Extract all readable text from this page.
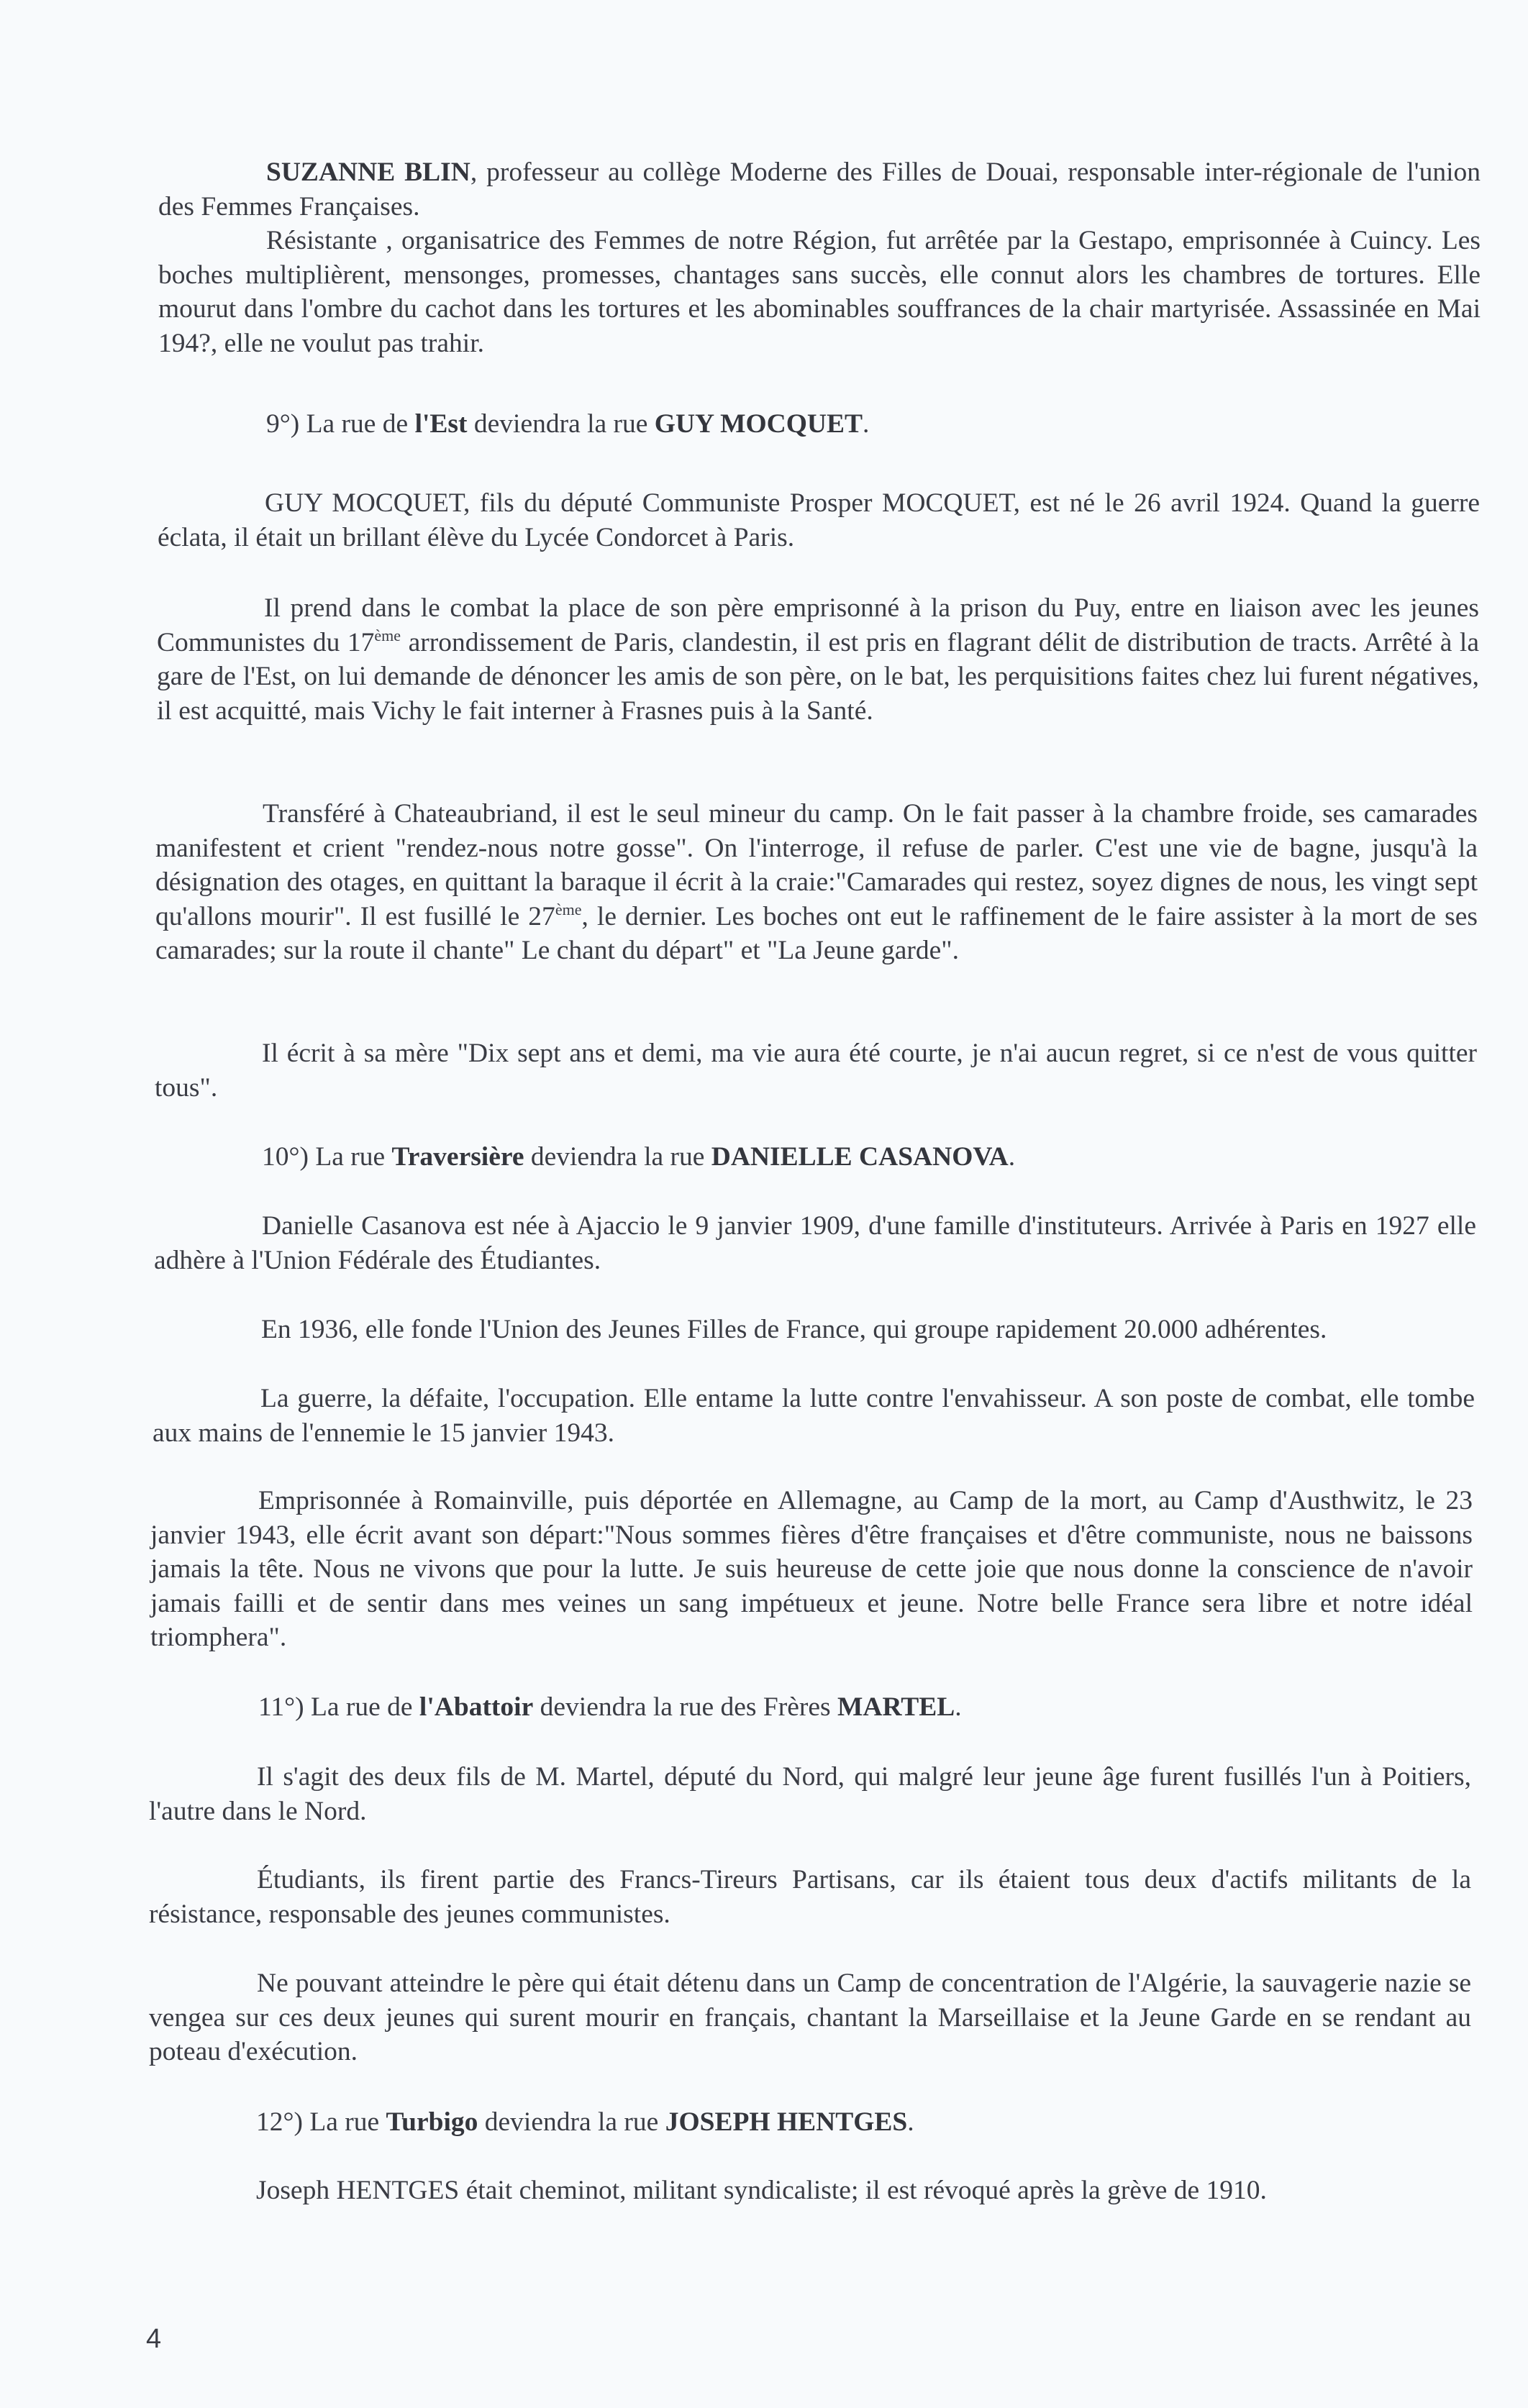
SUZANNE BLIN, professeur au collège Moderne des Filles de Douai, responsable inter-régionale de l'union des Femmes Françaises.

Résistante , organisatrice des Femmes de notre Région, fut arrêtée par la Gestapo, emprisonnée à Cuincy. Les boches multiplièrent, mensonges, promesses, chantages sans succès, elle connut alors les chambres de tortures. Elle mourut dans l'ombre du cachot dans les tortures et les abominables souffrances de la chair martyrisée. Assassinée en Mai 194?, elle ne voulut pas trahir.

9°) La rue de l'Est deviendra la rue GUY MOCQUET.

GUY MOCQUET, fils du député Communiste Prosper MOCQUET, est né le 26 avril 1924. Quand la guerre éclata, il était un brillant élève du Lycée Condorcet à Paris.

Il prend dans le combat la place de son père emprisonné à la prison du Puy, entre en liaison avec les jeunes Communistes du 17ème arrondissement de Paris, clandestin, il est pris en flagrant délit de distribution de tracts. Arrêté à la gare de l'Est, on lui demande de dénoncer les amis de son père, on le bat, les perquisitions faites chez lui furent négatives, il est acquitté, mais Vichy le fait interner à Frasnes puis à la Santé.

Transféré à Chateaubriand, il est le seul mineur du camp. On le fait passer à la chambre froide, ses camarades manifestent et crient "rendez-nous notre gosse". On l'interroge, il refuse de parler. C'est une vie de bagne, jusqu'à la désignation des otages, en quittant la baraque il écrit à la craie:"Camarades qui restez, soyez dignes de nous, les vingt sept qu'allons mourir". Il est fusillé le 27ème, le dernier. Les boches ont eut le raffinement de le faire assister à la mort de ses camarades; sur la route il chante" Le chant du départ" et "La Jeune garde".

Il écrit à sa mère "Dix sept ans et demi, ma vie aura été courte, je n'ai aucun regret, si ce n'est de vous quitter tous".

10°) La rue Traversière deviendra la rue DANIELLE CASANOVA.

Danielle Casanova est née à Ajaccio le 9 janvier 1909, d'une famille d'instituteurs. Arrivée à Paris en 1927 elle adhère à l'Union Fédérale des Étudiantes.

En 1936, elle fonde l'Union des Jeunes Filles de France, qui groupe rapidement 20.000 adhérentes.

La guerre, la défaite, l'occupation. Elle entame la lutte contre l'envahisseur. A son poste de combat, elle tombe aux mains de l'ennemie le 15 janvier 1943.

Emprisonnée à Romainville, puis déportée en Allemagne, au Camp de la mort, au Camp d'Austhwitz, le 23 janvier 1943, elle écrit avant son départ:"Nous sommes fières d'être françaises et d'être communiste, nous ne baissons jamais la tête. Nous ne vivons que pour la lutte. Je suis heureuse de cette joie que nous donne la conscience de n'avoir jamais failli et de sentir dans mes veines un sang impétueux et jeune. Notre belle France sera libre et notre idéal triomphera".

11°) La rue de l'Abattoir deviendra la rue des Frères MARTEL.

Il s'agit des deux fils de M. Martel, député du Nord, qui malgré leur jeune âge furent fusillés l'un à Poitiers, l'autre dans le Nord.

Étudiants, ils firent partie des Francs-Tireurs Partisans, car ils étaient tous deux d'actifs militants de la résistance, responsable des jeunes communistes.

Ne pouvant atteindre le père qui était détenu dans un Camp de concentration de l'Algérie, la sauvagerie nazie se vengea sur ces deux jeunes qui surent mourir en français, chantant la Marseillaise et la Jeune Garde en se rendant au poteau d'exécution.

12°) La rue Turbigo deviendra la rue JOSEPH HENTGES.

Joseph HENTGES était cheminot, militant syndicaliste; il est révoqué après la grève de 1910.

4
